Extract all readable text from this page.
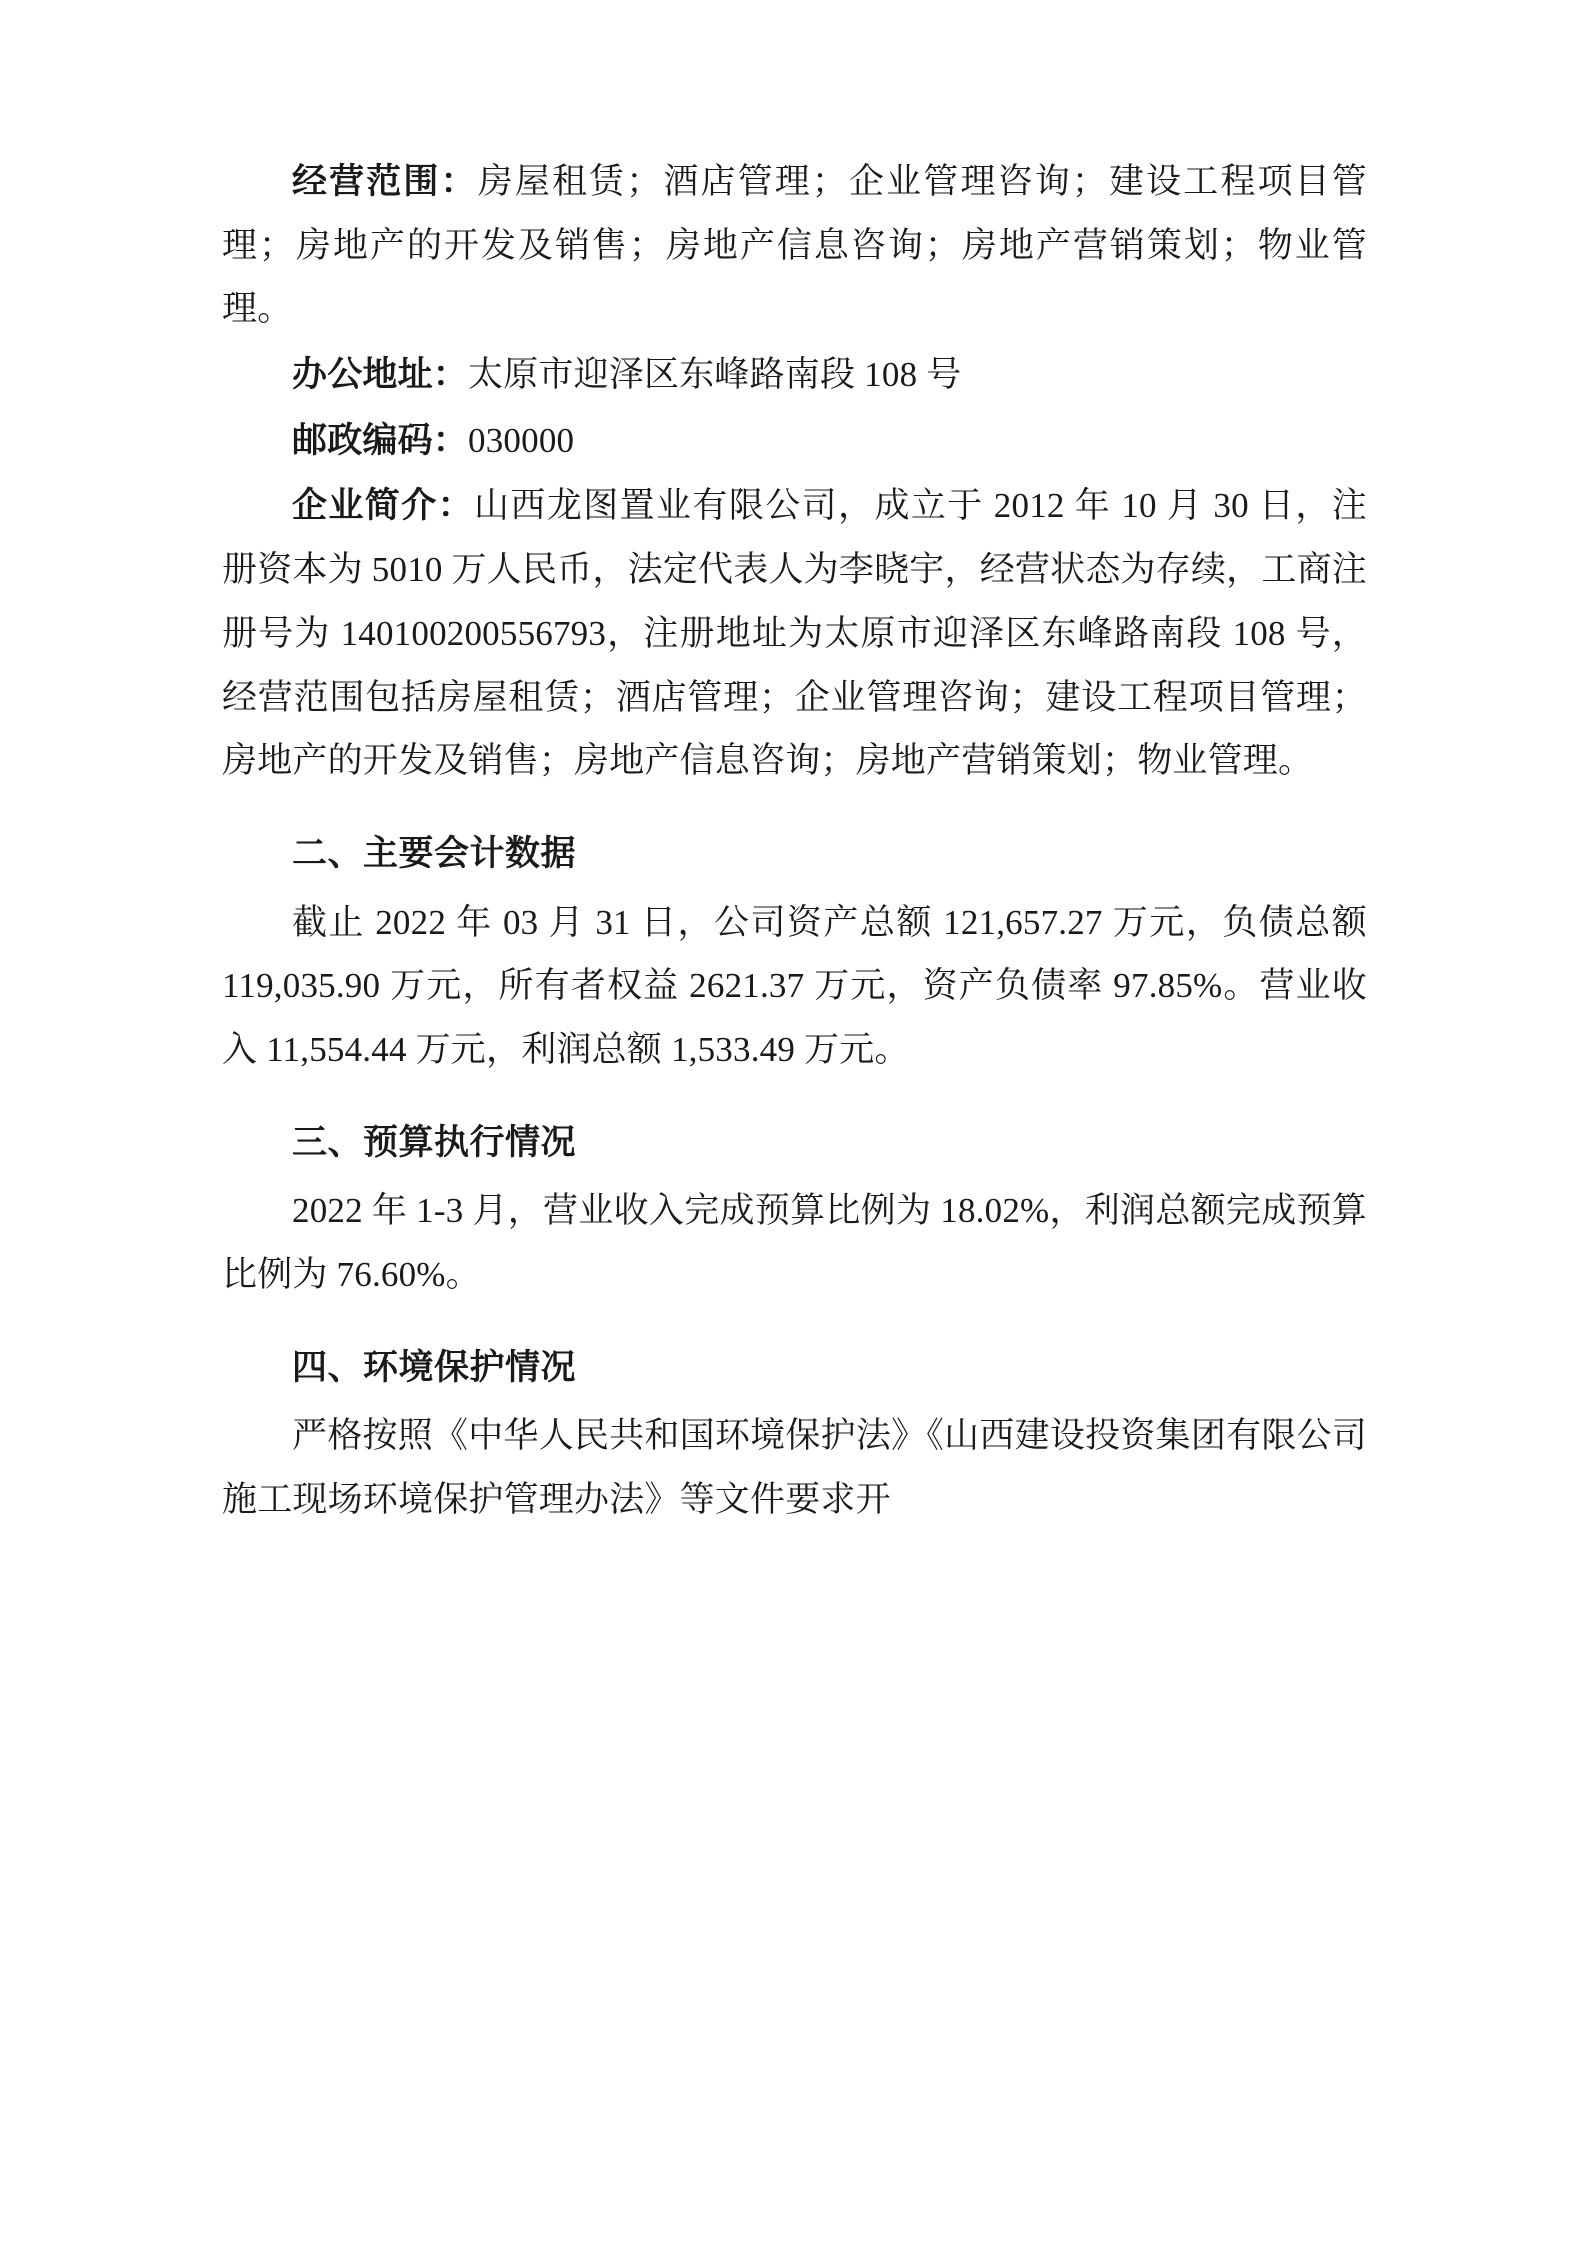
经营范围：房屋租赁；酒店管理；企业管理咨询；建设工程项目管理；房地产的开发及销售；房地产信息咨询；房地产营销策划；物业管理。

办公地址：太原市迎泽区东峰路南段 108 号

邮政编码：030000

企业简介：山西龙图置业有限公司，成立于 2012 年 10 月 30 日，注册资本为 5010 万人民币，法定代表人为李晓宇，经营状态为存续，工商注册号为 140100200556793，注册地址为太原市迎泽区东峰路南段 108 号，经营范围包括房屋租赁；酒店管理；企业管理咨询；建设工程项目管理；房地产的开发及销售；房地产信息咨询；房地产营销策划；物业管理。

二、主要会计数据

截止 2022 年 03 月 31 日，公司资产总额 121,657.27 万元，负债总额 119,035.90 万元，所有者权益 2621.37 万元，资产负债率 97.85%。营业收入 11,554.44 万元，利润总额 1,533.49 万元。

三、预算执行情况

2022 年 1-3 月，营业收入完成预算比例为 18.02%，利润总额完成预算比例为 76.60%。

四、环境保护情况

严格按照《中华人民共和国环境保护法》《山西建设投资集团有限公司施工现场环境保护管理办法》等文件要求开
